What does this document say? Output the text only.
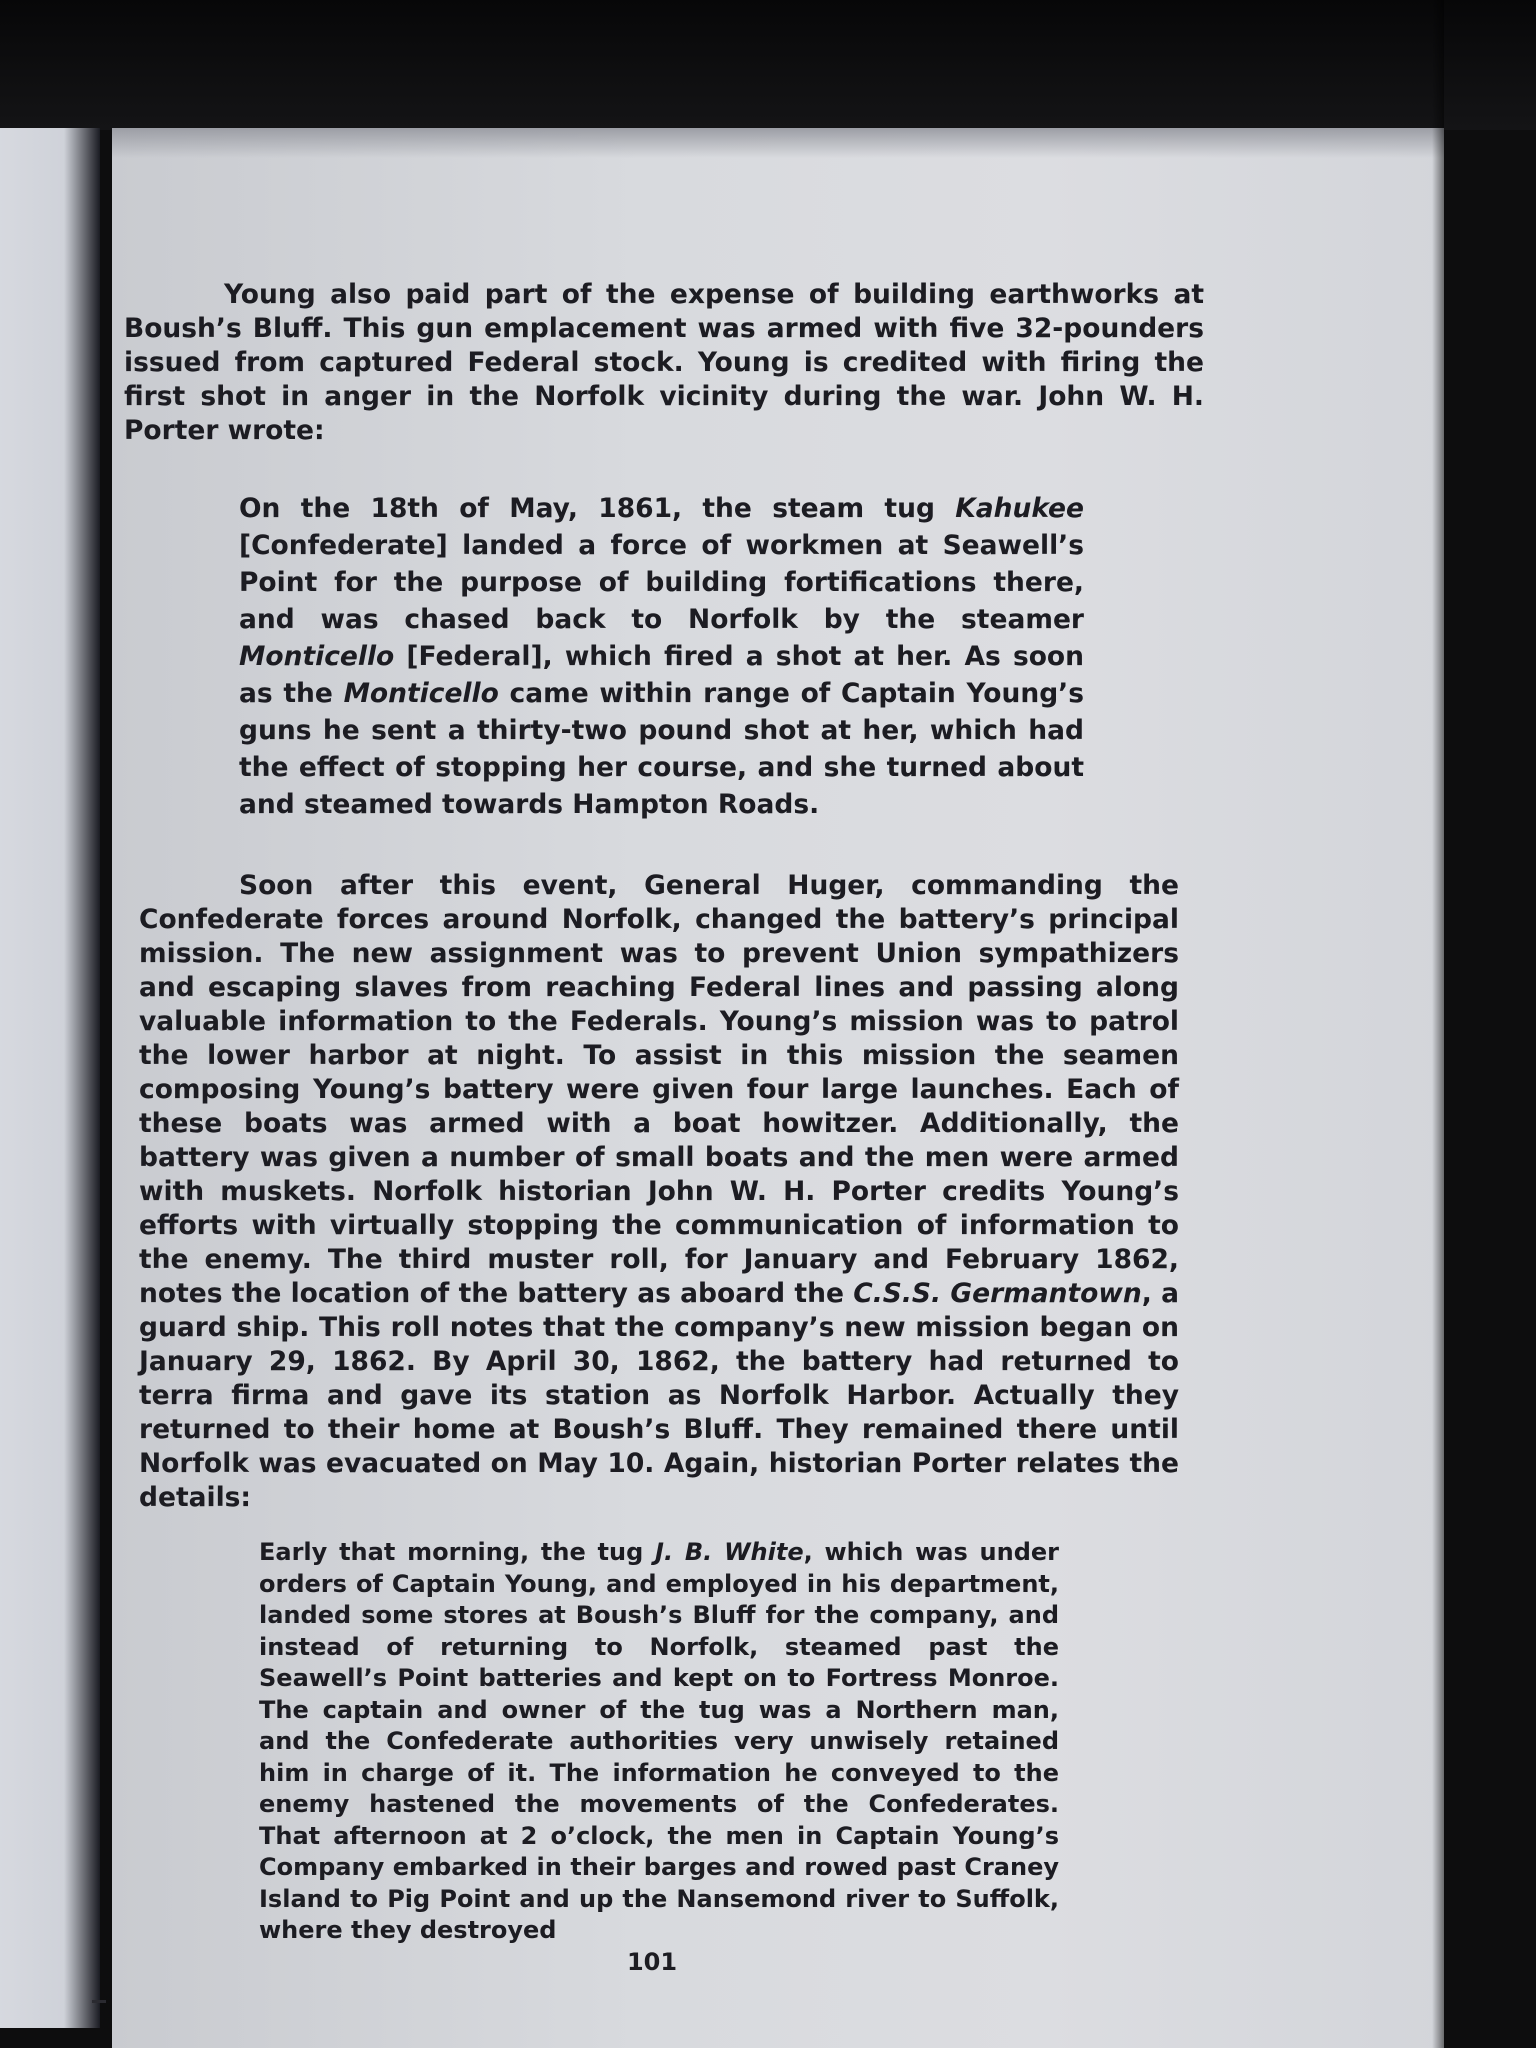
Young also paid part of the expense of building earthworks at Boush’s Bluff. This gun emplacement was armed with five 32-pounders issued from captured Federal stock. Young is credited with firing the first shot in anger in the Norfolk vicinity during the war. John W. H. Porter wrote:

On the 18th of May, 1861, the steam tug Kahukee [Confederate] landed a force of workmen at Seawell’s Point for the purpose of building fortifications there, and was chased back to Norfolk by the steamer Monticello [Federal], which fired a shot at her. As soon as the Monticello came within range of Captain Young’s guns he sent a thirty-two pound shot at her, which had the effect of stopping her course, and she turned about and steamed towards Hampton Roads.

Soon after this event, General Huger, commanding the Confederate forces around Norfolk, changed the battery’s principal mission. The new assignment was to prevent Union sympathizers and escaping slaves from reaching Federal lines and passing along valuable information to the Federals. Young’s mission was to patrol the lower harbor at night. To assist in this mission the seamen composing Young’s battery were given four large launches. Each of these boats was armed with a boat howitzer. Additionally, the battery was given a number of small boats and the men were armed with muskets. Norfolk historian John W. H. Porter credits Young’s efforts with virtually stopping the communication of information to the enemy. The third muster roll, for January and February 1862, notes the location of the battery as aboard the C.S.S. Germantown, a guard ship. This roll notes that the company’s new mission began on January 29, 1862. By April 30, 1862, the battery had returned to terra firma and gave its station as Norfolk Harbor. Actually they returned to their home at Boush’s Bluff. They remained there until Norfolk was evacuated on May 10. Again, historian Porter relates the details:

Early that morning, the tug J. B. White, which was under orders of Captain Young, and employed in his department, landed some stores at Boush’s Bluff for the company, and instead of returning to Norfolk, steamed past the Seawell’s Point batteries and kept on to Fortress Monroe. The captain and owner of the tug was a Northern man, and the Confederate authorities very unwisely retained him in charge of it. The information he conveyed to the enemy hastened the movements of the Confederates. That afternoon at 2 o’clock, the men in Captain Young’s Company embarked in their barges and rowed past Craney Island to Pig Point and up the Nansemond river to Suffolk, where they destroyed

101
